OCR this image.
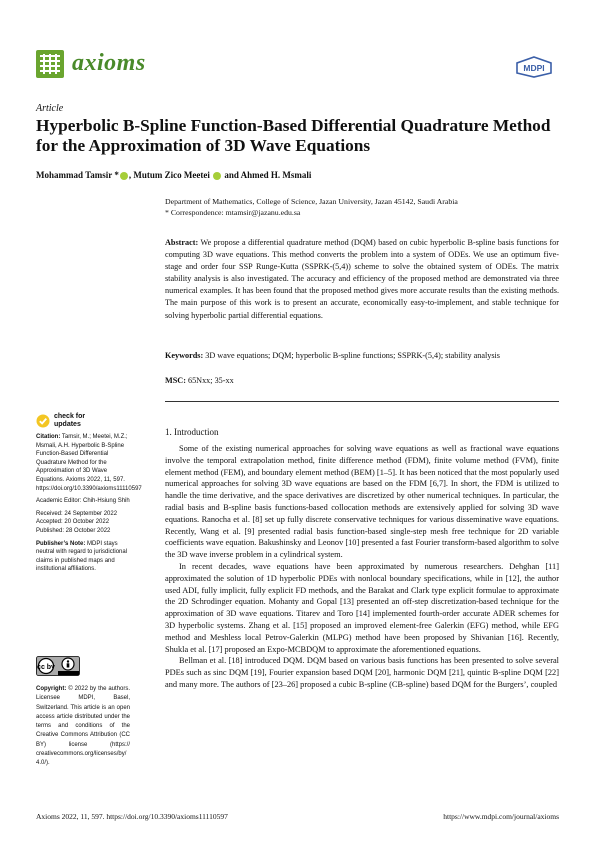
axioms	MDPI
Article
Hyperbolic B-Spline Function-Based Differential Quadrature Method for the Approximation of 3D Wave Equations
Mohammad Tamsir * , Mutum Zico Meetei  and Ahmed H. Msmali
Department of Mathematics, College of Science, Jazan University, Jazan 45142, Saudi Arabia
* Correspondence: mtamsir@jazanu.edu.sa
Abstract: We propose a differential quadrature method (DQM) based on cubic hyperbolic B-spline basis functions for computing 3D wave equations. This method converts the problem into a system of ODEs. We use an optimum five-stage and order four SSP Runge-Kutta (SSPRK-(5,4)) scheme to solve the obtained system of ODEs. The matrix stability analysis is also investigated. The accuracy and efficiency of the proposed method are demonstrated via three numerical examples. It has been found that the proposed method gives more accurate results than the existing methods. The main purpose of this work is to present an accurate, economically easy-to-implement, and stable technique for solving hyperbolic partial differential equations.
Keywords: 3D wave equations; DQM; hyperbolic B-spline functions; SSPRK-(5,4); stability analysis
MSC: 65Nxx; 35-xx
check for updates
Citation: Tamsir, M.; Meetei, M.Z.; Msmali, A.H. Hyperbolic B-Spline Function-Based Differential Quadrature Method for the Approximation of 3D Wave Equations. Axioms 2022, 11, 597. https://doi.org/10.3390/axioms11110597
Academic Editor: Chih-Hsiung Shih
Received: 24 September 2022
Accepted: 20 October 2022
Published: 28 October 2022
Publisher’s Note: MDPI stays neutral with regard to jurisdictional claims in published maps and institutional affiliations.
cc by
Copyright: © 2022 by the authors. Licensee MDPI, Basel, Switzerland. This article is an open access article distributed under the terms and conditions of the Creative Commons Attribution (CC BY) license (https:// creativecommons.org/licenses/by/ 4.0/).
1. Introduction

Some of the existing numerical approaches for solving wave equations as well as fractional wave equations involve the temporal extrapolation method, finite difference method (FDM), finite volume method (FVM), finite element method (FEM), and boundary element method (BEM) [1–5]. It has been noticed that the most popularly used numerical approaches for solving 3D wave equations are based on the FDM [6,7]. In short, the FDM is utilized to handle the time derivative, and the space derivatives are discretized by other numerical techniques. In particular, the radial basis and B-spline basis functions-based collocation methods are extensively applied for solving 3D wave equations. Ranocha et al. [8] set up fully discrete conservative techniques for various disseminative wave equations. Recently, Wang et al. [9] presented radial basis function-based single-step mesh free technique for 2D variable coefficients wave equation. Bakushinsky and Leonov [10] presented a fast Fourier transform-based algorithm to solve the 3D wave inverse problem in a cylindrical system.

In recent decades, wave equations have been approximated by numerous researchers. Dehghan [11] approximated the solution of 1D hyperbolic PDEs with nonlocal boundary specifications, while in [12], the author used ADI, fully implicit, fully explicit FD methods, and the Barakat and Clark type explicit formulae to approximate the 2D Schrodinger equation. Mohanty and Gopal [13] presented an off-step discretization-based technique for the approximation of 3D wave equations. Titarev and Toro [14] implemented fourth-order accurate ADER schemes for 3D hyperbolic systems. Zhang et al. [15] proposed an improved element-free Galerkin (EFG) method, while EFG method and Meshless local Petrov-Galerkin (MLPG) method have been proposed by Shivanian [16]. Recently, Shukla et al. [17] proposed an Expo-MCBDQM to approximate the aforementioned equations.

Bellman et al. [18] introduced DQM. DQM based on various basis functions has been presented to solve several PDEs such as sinc DQM [19], Fourier expansion based DQM [20], harmonic DQM [21], quintic B-spline DQM [22] and many more. The authors of [23–26] proposed a cubic B-spline (CB-spline) based DQM for the Burgers’, coupled

Axioms 2022, 11, 597. https://doi.org/10.3390/axioms11110597	https://www.mdpi.com/journal/axioms
